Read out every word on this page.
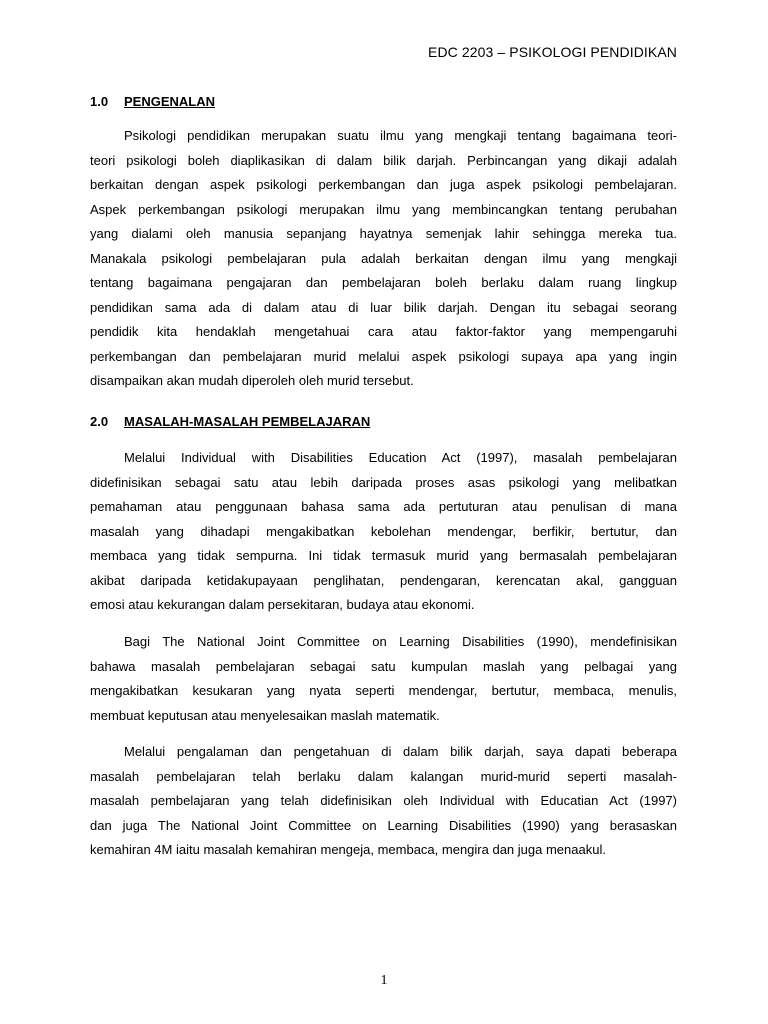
EDC 2203 – PSIKOLOGI PENDIDIKAN
1.0 PENGENALAN

Psikologi pendidikan merupakan suatu ilmu yang mengkaji tentang bagaimana teori-teori psikologi boleh diaplikasikan di dalam bilik darjah. Perbincangan yang dikaji adalahberkaitan dengan aspek psikologi perkembangan dan juga aspek psikologi pembelajaran.Aspek perkembangan psikologi merupakan ilmu yang membincangkan tentang perubahanyang dialami oleh manusia sepanjang hayatnya semenjak lahir sehingga mereka tua.Manakala psikologi pembelajaran pula adalah berkaitan dengan ilmu yang mengkajitentang bagaimana pengajaran dan pembelajaran boleh berlaku dalam ruang lingkuppendidikan sama ada di dalam atau di luar bilik darjah. Dengan itu sebagai seorangpendidik kita hendaklah mengetahuai cara atau faktor-faktor yang mempengaruhiperkembangan dan pembelajaran murid melalui aspek psikologi supaya apa yang ingindisampaikan akan mudah diperoleh oleh murid tersebut.

2.0 MASALAH-MASALAH PEMBELAJARAN

Melalui Individual with Disabilities Education Act (1997), masalah pembelajarandidefinisikan sebagai satu atau lebih daripada proses asas psikologi yang melibatkanpemahaman atau penggunaan bahasa sama ada pertuturan atau penulisan di manamasalah yang dihadapi mengakibatkan kebolehan mendengar, berfikir, bertutur, danmembaca yang tidak sempurna. Ini tidak termasuk murid yang bermasalah pembelajaranakibat daripada ketidakupayaan penglihatan, pendengaran, kerencatan akal, gangguanemosi atau kekurangan dalam persekitaran, budaya atau ekonomi.

Bagi The National Joint Committee on Learning Disabilities (1990), mendefinisikanbahawa masalah pembelajaran sebagai satu kumpulan maslah yang pelbagai yangmengakibatkan kesukaran yang nyata seperti mendengar, bertutur, membaca, menulis,membuat keputusan atau menyelesaikan maslah matematik.

Melalui pengalaman dan pengetahuan di dalam bilik darjah, saya dapati beberapamasalah pembelajaran telah berlaku dalam kalangan murid-murid seperti masalah-masalah pembelajaran yang telah didefinisikan oleh Individual with Educatian Act (1997)dan juga The National Joint Committee on Learning Disabilities (1990) yang berasaskankemahiran 4M iaitu masalah kemahiran mengeja, membaca, mengira dan juga menaakul.

1
